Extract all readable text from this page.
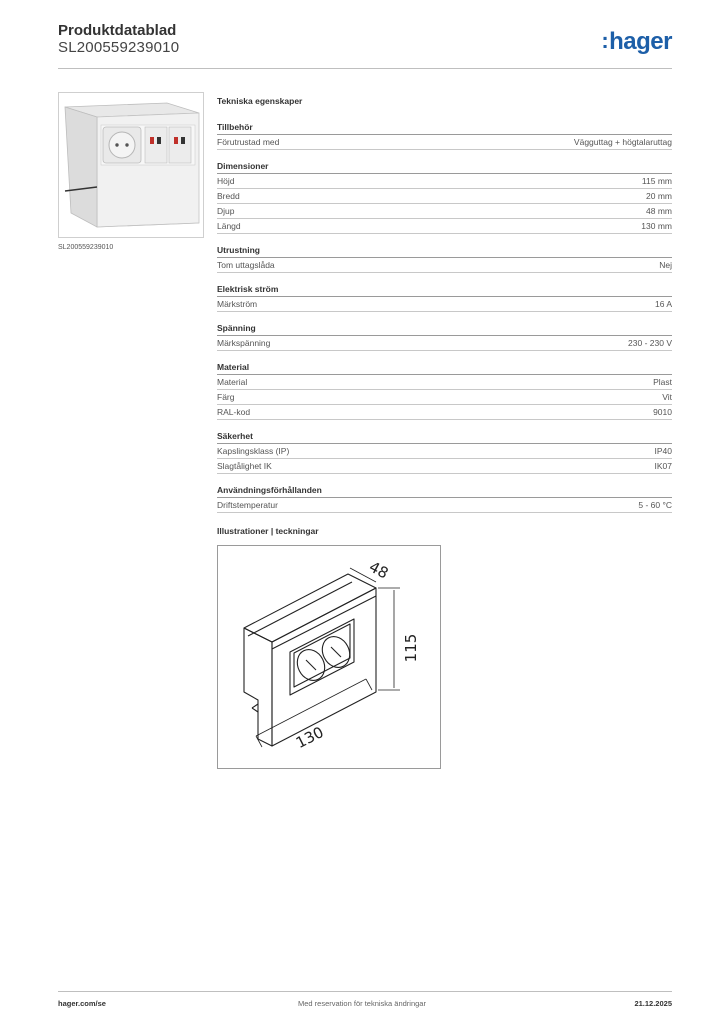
Produktdatablad
SL200559239010	:hager
SL200559239010
Tekniska egenskaper
Tillbehör
Förutrustad med	Vägguttag + högtalaruttag
Dimensioner
Höjd	115 mm
Bredd	20 mm
Djup	48 mm
Längd	130 mm
Utrustning
Tom uttagslåda	Nej
Elektrisk ström
Märkström	16 A
Spänning
Märkspänning	230 - 230 V
Material
Material	Plast
Färg	Vit
RAL-kod	9010
Säkerhet
Kapslingsklass (IP)	IP40
Slagtålighet IK	IK07
Användningsförhållanden
Driftstemperatur	5 - 60 °C
Illustrationer | teckningar
48
115
130
hager.com/se	Med reservation för tekniska ändringar	21.12.2025
